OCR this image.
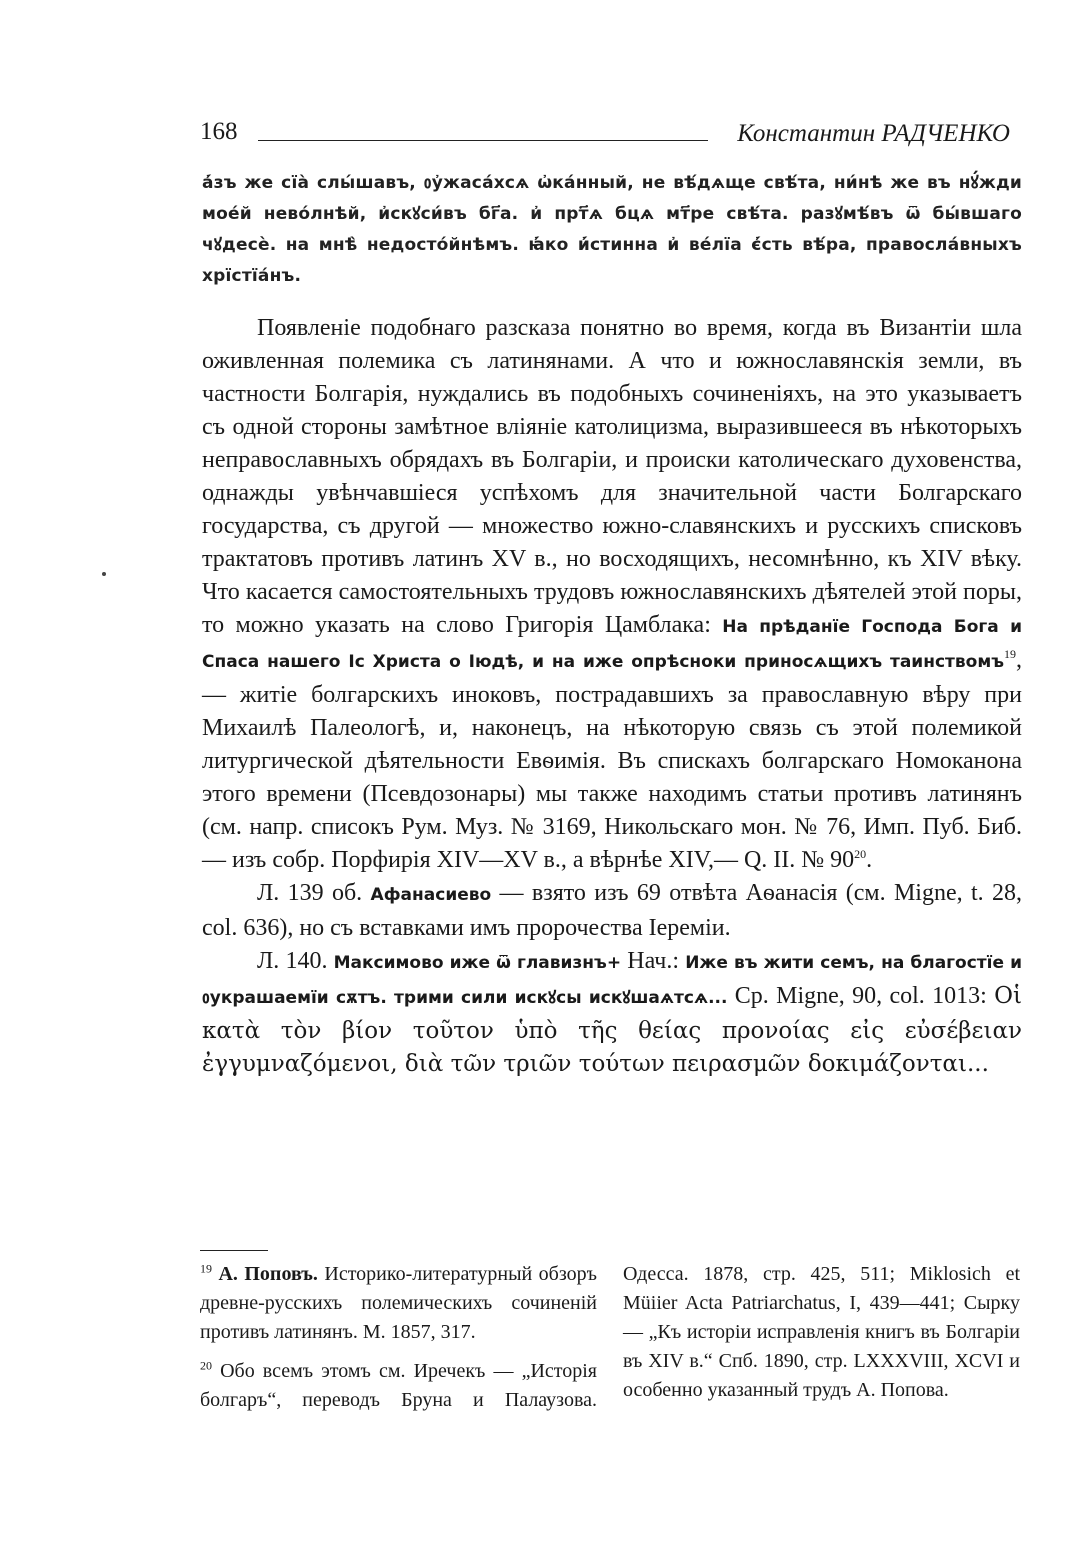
168	Константин РАДЧЕНКО
а҆́зъ же сїа̀ слы́шавъ, ᲂу҆жаса́хсѧ ѡ҆ка́нный, не вѣ́дѧще свѣ́та, ни́нѣ же въ нꙋ́жди мое́й нево́лнѣй, и҆скꙋси́въ бг҃а. и҆ прт҃ѧ бцѧ мт҃ре свѣ́та. разꙋмѣ́въ ѿ бы́вшаго чꙋдесѐ. на мнѣ̀ недосто́йнѣмъ. ꙗ҆́ко и҆́стинна и҆ ве́лїа є҆́сть вѣ́ра, правосла́вныхъ хрїстїа́нъ.

Появленіе подобнаго разсказа понятно во время, когда въ Византіи шла оживленная полемика съ латинянами. А что и южнославянскія земли, въ частности Болгарія, нуждались въ подобныхъ сочиненіяхъ, на это указываетъ съ одной стороны замѣтное вліяніе католицизма, выразившееся въ нѣкоторыхъ неправославныхъ обрядахъ въ Болгаріи, и происки католическаго духовенства, однажды увѣнчавшіеся успѣхомъ для значительной части Болгарскаго государства, съ другой — множество южно-славянскихъ и русскихъ списковъ трактатовъ противъ латинъ XV в., но восходящихъ, несомнѣнно, къ XIV вѣку. Что касается самостоятельныхъ трудовъ южнославянскихъ дѣятелей этой поры, то можно указать на слово Григорія Цамблака: На прѣданїе Господа Бога и Спаса нашего Іс Христа о Іюдѣ, и на иже опрѣсноки приносѧщихъ таинствомъ$^{19}$, — житіе болгарскихъ иноковъ, пострадавшихъ за православную вѣру при Михаилѣ Палеологѣ, и, наконецъ, на нѣкоторую связь съ этой полемикой литургической дѣятельности Евѳимія. Въ спискахъ болгарскаго Номоканона этого времени (Псевдозонары) мы также находимъ статьи противъ латинянъ (см. напр. списокъ Рум. Муз. № 3169, Никольскаго мон. № 76, Имп. Пуб. Биб. — изъ собр. Порфирія XIV—XV в., а вѣрнѣе XIV,— Q. II. № $90^{20}$.

Л. 139 об. Афанасиево — взято изъ 69 отвѣта Аѳанасія (см. Migne, t. 28, col. 636), но съ вставками имъ пророчества Іереміи.

Л. 140. Максимово иже ѿ главизнъ+ Нач.: Иже въ жити семъ, на благостїе и ᲂукрашаемїи сѫтъ. трими сили искꙋсы искꙋшаѧтсѧ... Ср. Migne, 90, col. 1013: Οἱ κατὰ τὸν βίον τοῦτον ὑπὸ τῆς θείας προνοίας εἰς εὐσέβειαν ἐγγυμναζόμενοι, διὰ τῶν τριῶν τούτων πειρασμῶν δοκιμάζονται...

$^{19}$ А. Поповъ. Историко-литературный обзоръ древне-русскихъ полемическихъ сочиненій противъ латинянъ. М. 1857, 317.

$^{20}$ Обо всемъ этомъ см. Иречекъ — „Исторія болгаръ“, переводъ Бруна и Палаузова. Одесса. 1878, стр. 425, 511; Miklosich et Müiier Acta Patriarchatus, I, 439—441; Сырку — „Къ исторіи исправленія книгъ въ Болгаріи въ XIV в.“ Спб. 1890, стр. LXXXVIII, XCVI и особенно указанный трудъ А. Попова.
